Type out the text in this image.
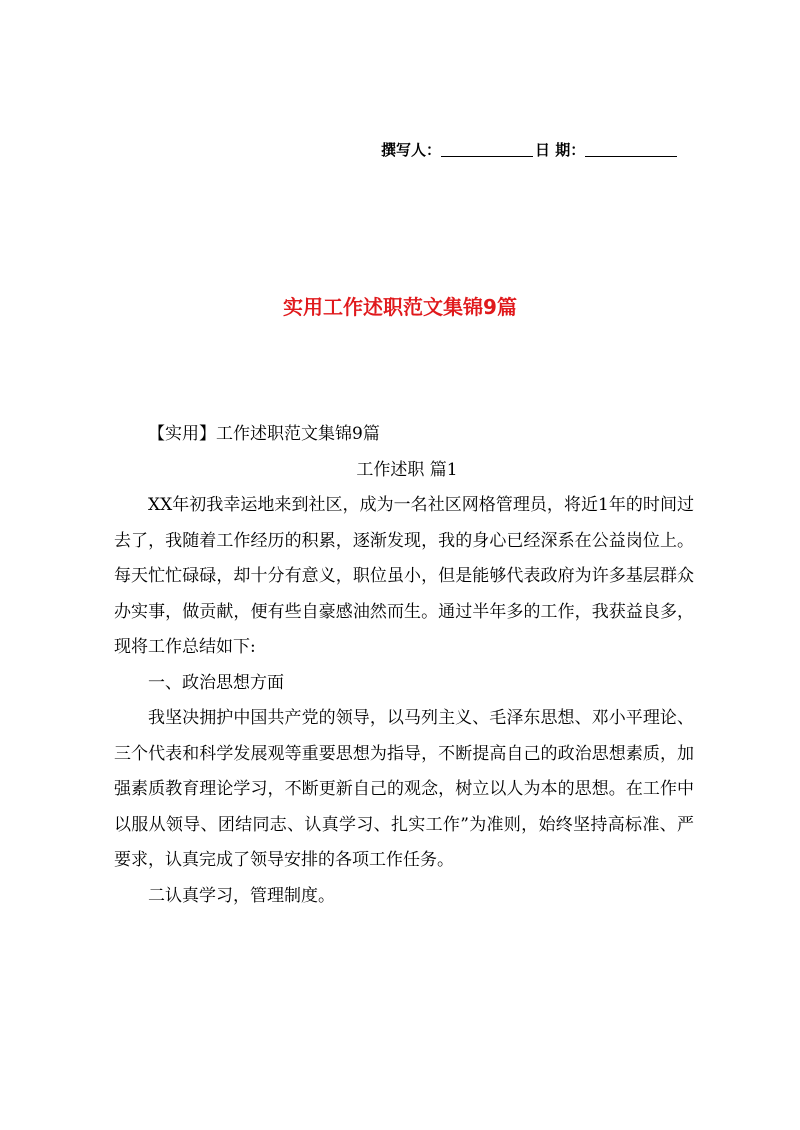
撰写人：	日 期：
实用工作述职范文集锦9篇

【实用】工作述职范文集锦9篇

工作述职 篇1

XX年初我幸运地来到社区，成为一名社区网格管理员，将近1年的时间过去了，我随着工作经历的积累，逐渐发现，我的身心已经深系在公益岗位上。每天忙忙碌碌，却十分有意义，职位虽小，但是能够代表政府为许多基层群众办实事，做贡献，便有些自豪感油然而生。通过半年多的工作，我获益良多，现将工作总结如下:

一、政治思想方面

我坚决拥护中国共产党的领导，以马列主义、毛泽东思想、邓小平理论、三个代表和科学发展观等重要思想为指导，不断提高自己的政治思想素质，加强素质教育理论学习，不断更新自己的观念，树立以人为本的思想。在工作中以服从领导、团结同志、认真学习、扎实工作”为准则，始终坚持高标准、严要求，认真完成了领导安排的各项工作任务。

二认真学习，管理制度。
